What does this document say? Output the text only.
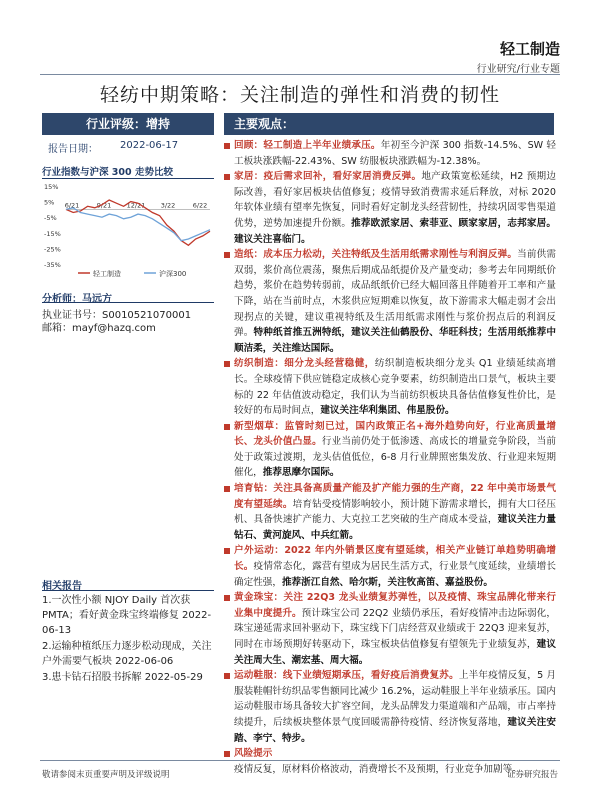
轻工制造
行业研究/行业专题
轻纺中期策略：关注制造的弹性和消费的韧性
行业评级：增持
报告日期： 2022-06-17
行业指数与沪深 300 走势比较
15%
5%
-5%
-15%
-25%
-35%
6/21	9/21 12/21 3/22	6/22
轻工制造	沪深300
分析师：马远方
执业证书号：S0010521070001
邮箱：mayf@hazq.com
相关报告
1.一次性小额 NJOY Daily 首次获PMTA；看好黄金珠宝终端修复 2022-06-13
2.运输种植纸压力逐步松动现成，关注户外需要气板块 2022-06-06
3.患卡钻石招股书拆解 2022-05-29
主要观点：
回顾：轻工制造上半年业绩承压。年初至今沪深 300 指数-14.5%、SW 轻工板块涨跌幅-22.43%、SW 纺服板块涨跌幅为-12.38%。
家居：疫后需求回补，看好家居消费反弹。地产政策宽松延续，H2 预期边际改善，看好家居板块估值修复；疫情导致消费需求延后释放，对标 2020 年软体业绩有望率先恢复，同时看好定制龙头经营韧性，持续巩固零售渠道优势，逆势加速提升份额。推荐欧派家居、索菲亚、顾家家居，志邦家居。建议关注喜临门。
造纸：成本压力松动，关注特纸及生活用纸需求刚性与利润反弹。当前供需双弱，浆价高位震荡，聚焦后期成品纸提价及产量变动；参考去年同期纸价趋势，浆价在趋势转弱前，成品纸纸价已经大幅回落且伴随着开工率和产量下降，站在当前时点，木浆供应短期难以恢复，故下游需求大幅走弱才会出现拐点的关键，建议重视特纸及生活用纸需求刚性与浆价拐点后的利润反弹。特种纸首推五洲特纸，建议关注仙鹤股份、华旺科技；生活用纸推荐中顺洁柔，关注维达国际。
纺织制造：细分龙头经营稳健，纺织制造板块细分龙头 Q1 业绩延续高增长。全球疫情下供应链稳定成核心竞争要素，纺织制造出口景气，板块主要标的 22 年估值波动稳定，我们认为当前纺织板块具备估值修复性价比，是较好的布局时间点，建议关注华利集团、伟星股份。
新型烟草：监管时刻已过，国内政策正名+海外趋势向好，行业高质量增长、龙头价值凸显。行业当前仍处于低渗透、高成长的增量竞争阶段，当前处于政策过渡期，龙头估值低位，6-8 月行业牌照密集发放、行业迎来短期催化，推荐思摩尔国际。
培育钻：关注具备高质量产能及扩产能力强的生产商，22 年中美市场景气度有望延续。培育钻受疫情影响较小，预计随下游需求增长，拥有大口径压机、具备快速扩产能力、大克拉工艺突破的生产商成本受益，建议关注力量钻石、黄河旋风、中兵红箭。
户外运动：2022 年内外销景区度有望延续，相关产业链订单趋势明确增长。疫情常态化，露营有望成为居民生活方式，行业景气度延续，业绩增长确定性强，推荐浙江自然、哈尔斯，关注牧高笛、嘉益股份。
黄金珠宝：关注 22Q3 龙头业绩复苏弹性，以及疫情、珠宝品牌化带来行业集中度提升。预计珠宝公司 22Q2 业绩仍承压，看好疫情冲击边际弱化，珠宝递延需求回补驱动下，珠宝线下门店经营双业绩或于 22Q3 迎来复苏，同时在市场预期好转驱动下，珠宝板块估值修复有望领先于业绩复苏，建议关注周大生、潮宏基、周大福。
运动鞋服：线下业绩短期承压，看好疫后消费复苏。上半年疫情反复，5 月服装鞋帽针纺织品零售额同比减少 16.2%，运动鞋服上半年业绩承压。国内运动鞋服市场具备较大扩容空间，龙头品牌发力渠道端和产品端，市占率持续提升，后续板块整体景气度回暖需静待疫情、经济恢复落地，建议关注安踏、李宁、特步。
风险提示
疫情反复，原材料价格波动，消费增长不及预期，行业竞争加剧等。
敬请参阅末页重要声明及评级说明	证券研究报告
